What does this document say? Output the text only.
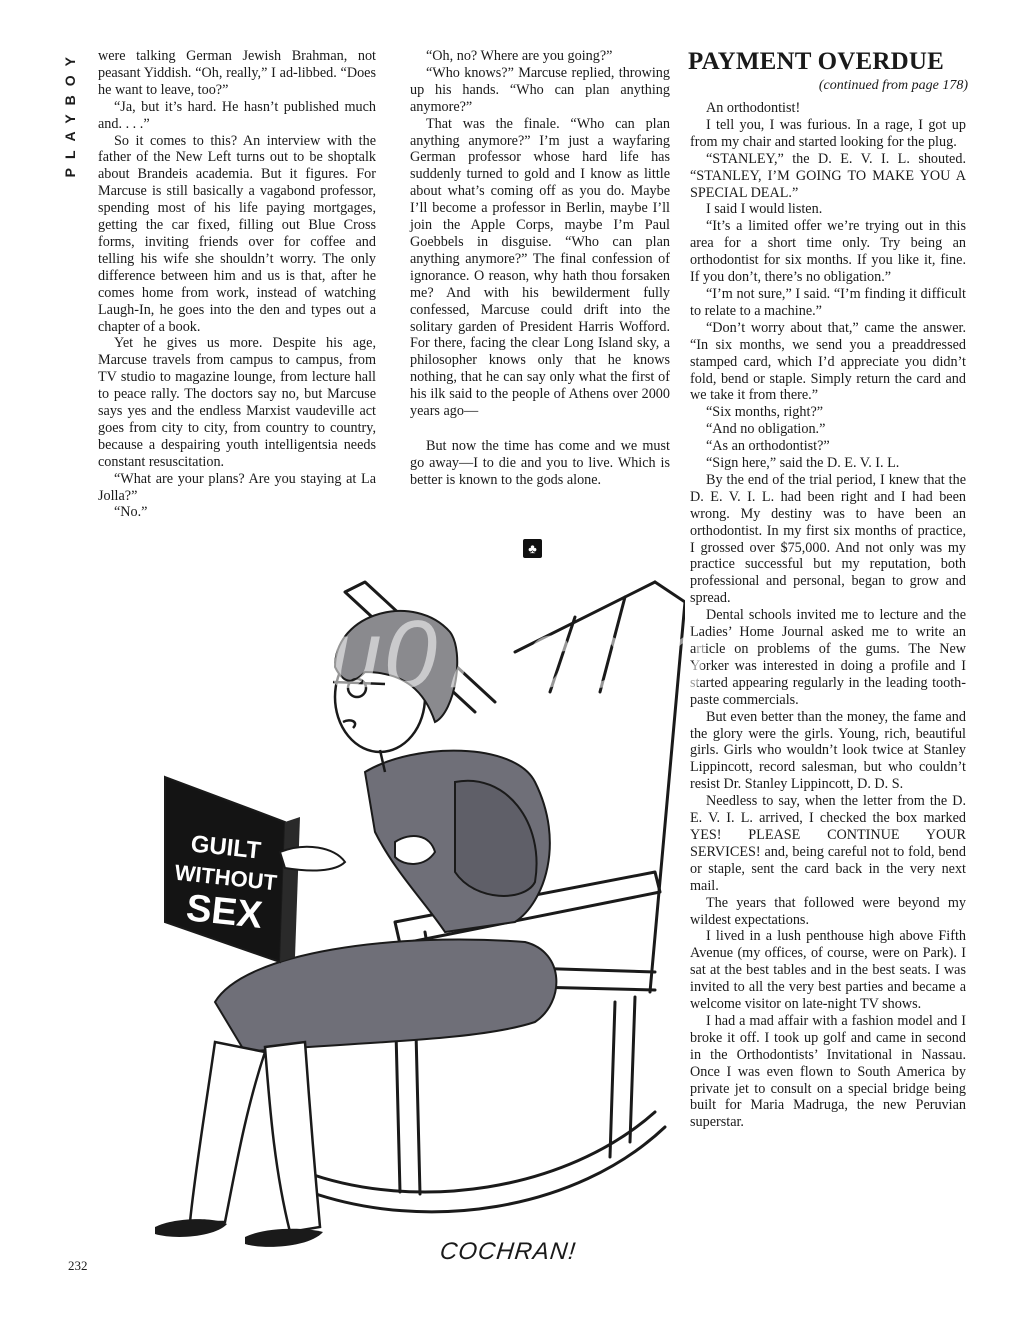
PLAYBOY	were talking German Jewish Brahman, not peasant Yiddish. “Oh, really,” I ad-libbed. “Does he want to leave, too?”

“Ja, but it’s hard. He hasn’t published much and. . . .”

So it comes to this? An interview with the father of the New Left turns out to be shoptalk about Brandeis academia. But it figures. For Marcuse is still basically a vagabond professor, spending most of his life paying mortgages, getting the car fixed, filling out Blue Cross forms, inviting friends over for coffee and telling his wife she shouldn’t worry. The only difference between him and us is that, after he comes home from work, instead of watching Laugh-In, he goes into the den and types out a chapter of a book.

Yet he gives us more. Despite his age, Marcuse travels from campus to campus, from TV studio to magazine lounge, from lecture hall to peace rally. The doctors say no, but Marcuse says yes and the endless Marxist vaudeville act goes from city to city, from country to country, because a despairing youth intelligentsia needs constant resuscitation.

“What are your plans? Are you staying at La Jolla?”

“No.”

“Oh, no? Where are you going?”

“Who knows?” Marcuse replied, throwing up his hands. “Who can plan anything anymore?”

That was the finale. “Who can plan anything anymore?” I’m just a wayfaring German professor whose hard life has suddenly turned to gold and I know as little about what’s coming off as you do. Maybe I’ll become a professor in Berlin, maybe I’ll join the Apple Corps, maybe I’m Paul Goebbels in disguise. “Who can plan anything anymore?” The final confession of ignorance. O reason, why hath thou forsaken me? And with his bewilderment fully confessed, Marcuse could drift into the solitary garden of President Harris Wofford. For there, facing the clear Long Island sky, a philosopher knows only that he knows nothing, that he can say only what the first of his ilk said to the people of Athens over 2000 years ago—

But now the time has come and we must go away—I to die and you to live. Which is better is known to the gods alone.

♣
PAYMENT OVERDUE
(continued from page 178)

An orthodontist!

I tell you, I was furious. In a rage, I got up from my chair and started looking for the plug.

“STANLEY,” the D. E. V. I. L. shouted. “STANLEY, I’M GOING TO MAKE YOU A SPECIAL DEAL.”

I said I would listen.

“It’s a limited offer we’re trying out in this area for a short time only. Try being an orthodontist for six months. If you like it, fine. If you don’t, there’s no obligation.”

“I’m not sure,” I said. “I’m finding it difficult to relate to a machine.”

“Don’t worry about that,” came the answer. “In six months, we send you a preaddressed stamped card, which I’d appreciate you didn’t fold, bend or staple. Simply return the card and we take it from there.”

“Six months, right?”

“And no obligation.”

“As an orthodontist?”

“Sign here,” said the D. E. V. I. L.

By the end of the trial period, I knew that the D. E. V. I. L. had been right and I had been wrong. My destiny was to have been an orthodontist. In my first six months of practice, I grossed over $75,000. And not only was my practice successful but my reputation, both professional and personal, began to grow and spread.

Dental schools invited me to lecture and the Ladies’ Home Journal asked me to write an article on problems of the gums. The New Yorker was interested in doing a profile and I started appearing regularly in the leading tooth-paste commercials.

But even better than the money, the fame and the glory were the girls. Young, rich, beautiful girls. Girls who wouldn’t look twice at Stanley Lippincott, record salesman, but who couldn’t resist Dr. Stanley Lippincott, D. D. S.

Needless to say, when the letter from the D. E. V. I. L. arrived, I checked the box marked YES! PLEASE CONTINUE YOUR SERVICES! and, being careful not to fold, bend or staple, sent the card back in the very next mail.

The years that followed were beyond my wildest expectations.

I lived in a lush penthouse high above Fifth Avenue (my offices, of course, were on Park). I sat at the best tables and in the best seats. I was invited to all the very best parties and became a welcome visitor on late-night TV shows.

I had a mad affair with a fashion model and I broke it off. I took up golf and came in second in the Orthodontists’ Invitational in Nassau. Once I was even flown to South America by private jet to consult on a special bridge being built for Maria Madruga, the new Peruvian superstar.

GUILT
WITHOUT
SEX
COCHRAN!
xiu07.com
232
